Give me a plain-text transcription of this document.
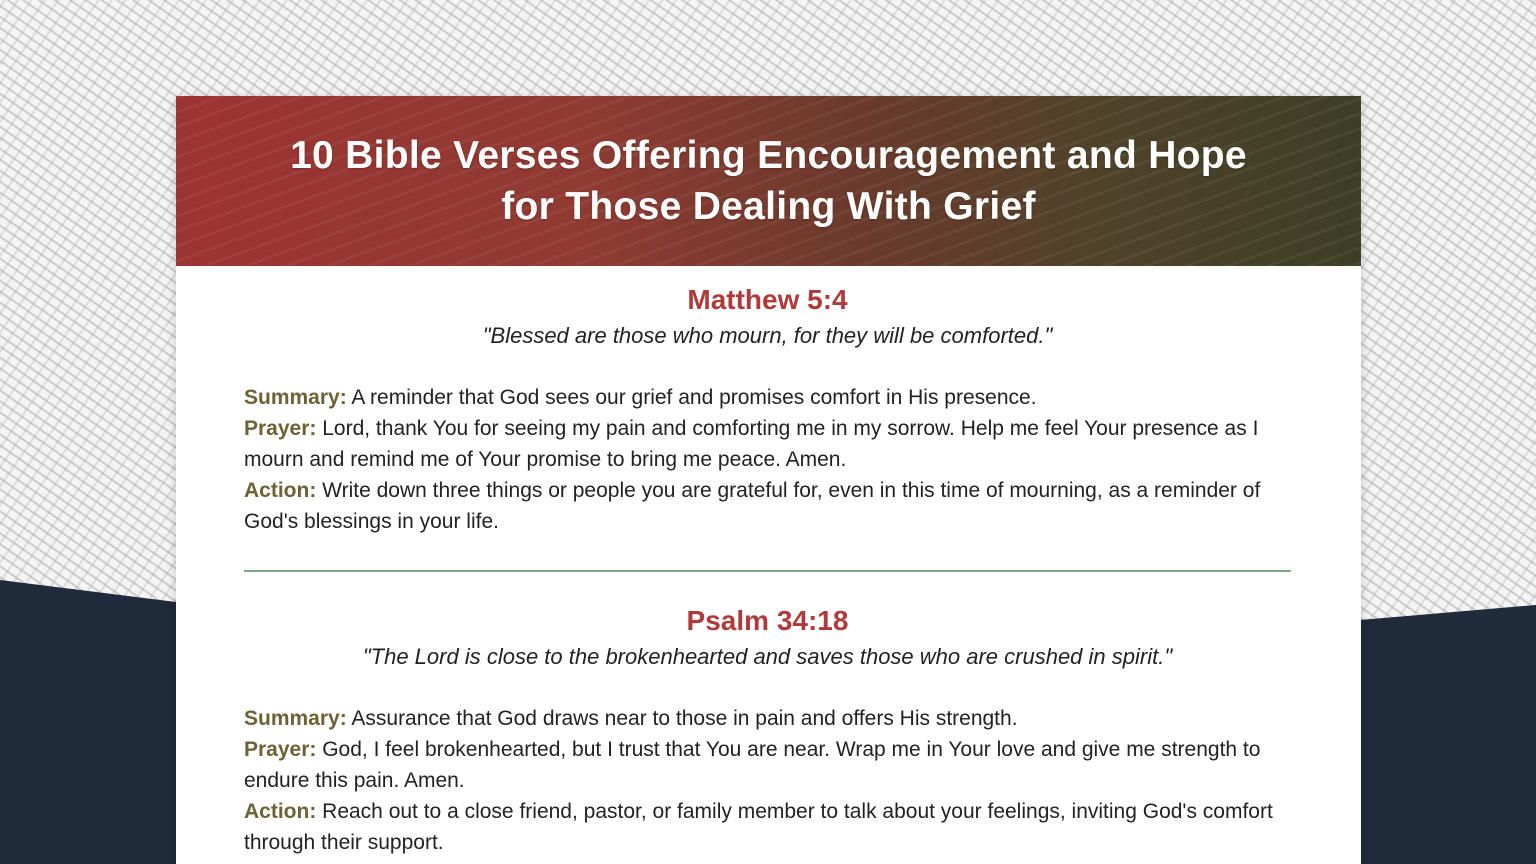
10 Bible Verses Offering Encouragement and Hope for Those Dealing With Grief
Matthew 5:4
"Blessed are those who mourn, for they will be comforted."

Summary: A reminder that God sees our grief and promises comfort in His presence.

Prayer: Lord, thank You for seeing my pain and comforting me in my sorrow. Help me feel Your presence as I mourn and remind me of Your promise to bring me peace. Amen.

Action: Write down three things or people you are grateful for, even in this time of mourning, as a reminder of God's blessings in your life.

Psalm 34:18
"The Lord is close to the brokenhearted and saves those who are crushed in spirit."

Summary: Assurance that God draws near to those in pain and offers His strength.

Prayer: God, I feel brokenhearted, but I trust that You are near. Wrap me in Your love and give me strength to endure this pain. Amen.

Action: Reach out to a close friend, pastor, or family member to talk about your feelings, inviting God's comfort through their support.
